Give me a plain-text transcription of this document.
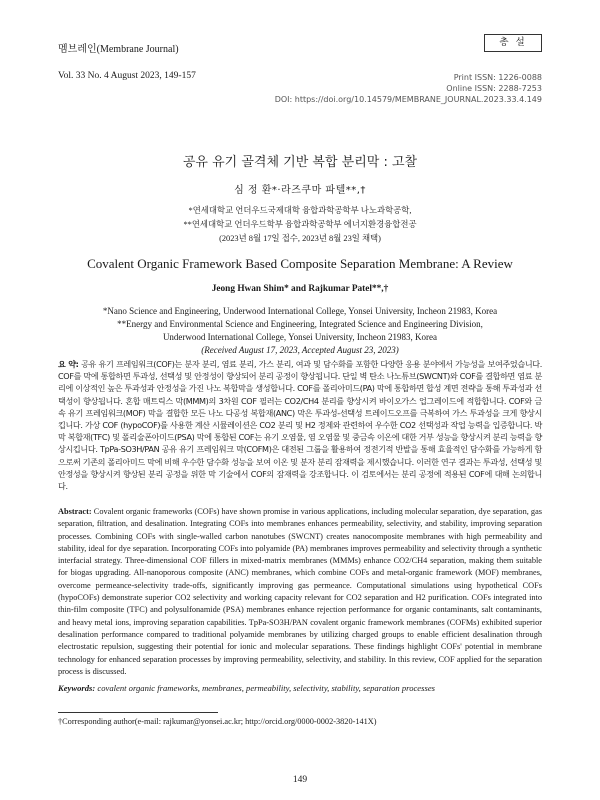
멤브레인(Membrane Journal)
Vol. 33 No. 4 August 2023, 149-157
총 설
Print ISSN: 1226-0088
Online ISSN: 2288-7253
DOI: https://doi.org/10.14579/MEMBRANE_JOURNAL.2023.33.4.149
공유 유기 골격체 기반 복합 분리막 : 고찰
심 정 환*·라즈쿠마 파텔**,†
*연세대학교 언더우드국제대학 융합과학공학부 나노과학공학,
**연세대학교 언더우드학부 융합과학공학부 에너지환경융합전공
(2023년 8월 17일 접수, 2023년 8월 23일 채택)
Covalent Organic Framework Based Composite Separation Membrane: A Review
Jeong Hwan Shim* and Rajkumar Patel**,†
*Nano Science and Engineering, Underwood International College, Yonsei University, Incheon 21983, Korea
**Energy and Environmental Science and Engineering, Integrated Science and Engineering Division,
Underwood International College, Yonsei University, Incheon 21983, Korea
(Received August 17, 2023, Accepted August 23, 2023)
요 약: 공유 유기 프레임워크(COF)는 분자 분리, 염료 분리, 가스 분리, 여과 및 담수화를 포함한 다양한 응용 분야에서 가능성을 보여주었습니다. COF를 막에 통합하면 투과성, 선택성 및 안정성이 향상되어 분리 공정이 향상됩니다. 단일 벽 탄소 나노튜브(SWCNT)와 COF를 결합하면 염료 분리에 이상적인 높은 투과성과 안정성을 가진 나노 복합막을 생성합니다. COF를 폴리아미드(PA) 막에 통합하면 합성 계면 전략을 통해 투과성과 선택성이 향상됩니다. 혼합 매트릭스 막(MMM)의 3차원 COF 필러는 CO2/CH4 분리를 향상시켜 바이오가스 업그레이드에 적합합니다. COF와 금속 유기 프레임워크(MOF) 막을 결합한 모든 나노 다공성 복합재(ANC) 막은 투과성-선택성 트레이드오프를 극복하여 가스 투과성을 크게 향상시킵니다. 가상 COF (hypoCOF)를 사용한 계산 시뮬레이션은 CO2 분리 및 H2 정제와 관련하여 우수한 CO2 선택성과 작업 능력을 입증합니다. 박막 복합재(TFC) 및 폴리술폰아미드(PSA) 막에 통합된 COF는 유기 오염물, 염 오염물 및 중금속 이온에 대한 거부 성능을 향상시켜 분리 능력을 향상시킵니다. TpPa-SO3H/PAN 공유 유기 프레임워크 막(COFM)은 대전된 그룹을 활용하여 정전기적 반발을 통해 효율적인 담수화를 가능하게 함으로써 기존의 폴리아미드 막에 비해 우수한 담수화 성능을 보여 이온 및 분자 분리 잠재력을 제시했습니다. 이러한 연구 결과는 투과성, 선택성 및 안정성을 향상시켜 향상된 분리 공정을 위한 막 기술에서 COF의 잠재력을 강조합니다. 이 검토에서는 분리 공정에 적용된 COF에 대해 논의합니다.
Abstract: Covalent organic frameworks (COFs) have shown promise in various applications, including molecular separation, dye separation, gas separation, filtration, and desalination. Integrating COFs into membranes enhances permeability, selectivity, and stability, improving separation processes. Combining COFs with single-walled carbon nanotubes (SWCNT) creates nanocomposite membranes with high permeability and stability, ideal for dye separation. Incorporating COFs into polyamide (PA) membranes improves permeability and selectivity through a synthetic interfacial strategy. Three-dimensional COF fillers in mixed-matrix membranes (MMMs) enhance CO2/CH4 separation, making them suitable for biogas upgrading. All-nanoporous composite (ANC) membranes, which combine COFs and metal-organic framework (MOF) membranes, overcome permeance-selectivity trade-offs, significantly improving gas permeance. Computational simulations using hypothetical COFs (hypoCOFs) demonstrate superior CO2 selectivity and working capacity relevant for CO2 separation and H2 purification. COFs integrated into thin-film composite (TFC) and polysulfonamide (PSA) membranes enhance rejection performance for organic contaminants, salt contaminants, and heavy metal ions, improving separation capabilities. TpPa-SO3H/PAN covalent organic framework membranes (COFMs) exhibited superior desalination performance compared to traditional polyamide membranes by utilizing charged groups to enable efficient desalination through electrostatic repulsion, suggesting their potential for ionic and molecular separations. These findings highlight COFs' potential in membrane technology for enhanced separation processes by improving permeability, selectivity, and stability. In this review, COF applied for the separation process is discussed.
Keywords: covalent organic frameworks, membranes, permeability, selectivity, stability, separation processes
†Corresponding author(e-mail: rajkumar@yonsei.ac.kr; http://orcid.org/0000-0002-3820-141X)
149
